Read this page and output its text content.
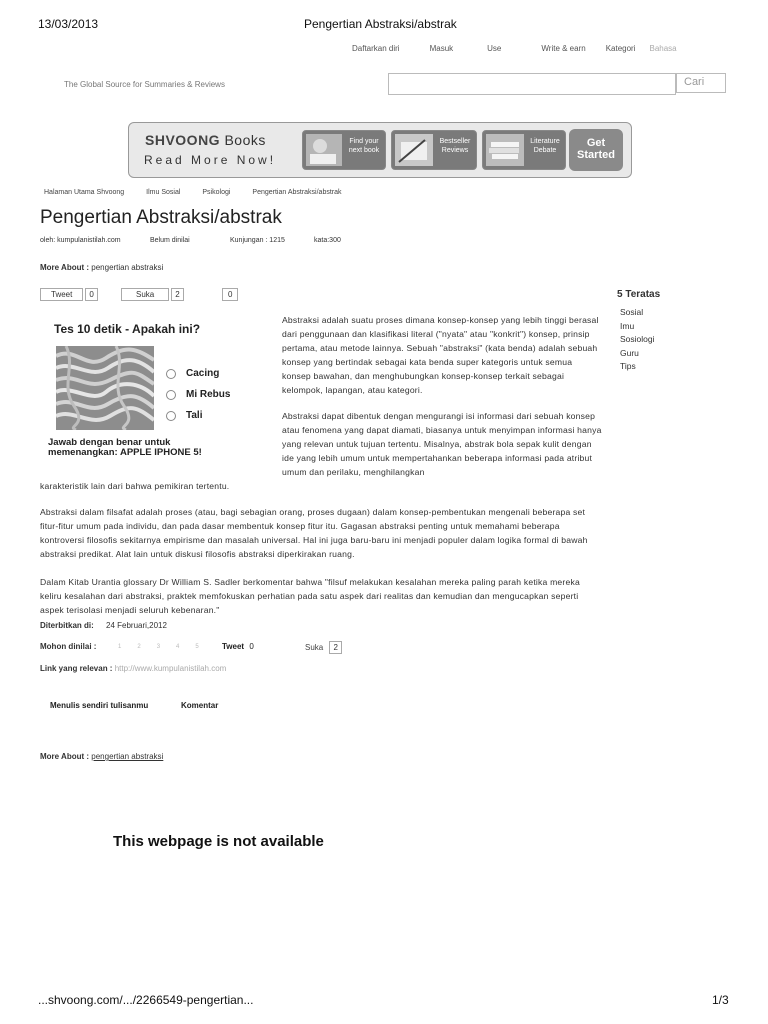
13/03/2013	Pengertian Abstraksi/abstrak
Daftarkan diri	Masuk	Use	Write & earn	Kategori Bahasa
The Global Source for Summaries & Reviews	Cari
SHVOONG Books
Read More Now!
Find your next book
Bestseller Reviews
Literature Debate
Get Started
Halaman Utama Shvoong	Ilmu Sosial	Psikologi	Pengertian Abstraksi/abstrak
Pengertian Abstraksi/abstrak
oleh: kumpulanistilah.com	Belum dinilai	Kunjungan : 1215	kata:300
More About : pengertian abstraksi
Tweet 0	Suka	2	0
Tes 10 detik - Apakah ini?
Cacing
Mi Rebus
Tali
Jawab dengan benar untuk
memenangkan: APPLE IPHONE 5!
Abstraksi adalah suatu proses dimana konsep-konsep yang lebih tinggi berasal dari penggunaan dan klasifikasi literal ("nyata" atau "konkrit") konsep, prinsip pertama, atau metode lainnya. Sebuah "abstraksi" (kata benda) adalah sebuah konsep yang bertindak sebagai kata benda super kategoris untuk semua konsep bawahan, dan menghubungkan konsep-konsep terkait sebagai kelompok, lapangan, atau kategori.
Abstraksi dapat dibentuk dengan mengurangi isi informasi dari sebuah konsep atau fenomena yang dapat diamati, biasanya untuk menyimpan informasi hanya yang relevan untuk tujuan tertentu. Misalnya, abstrak bola sepak kulit dengan ide yang lebih umum untuk mempertahankan beberapa informasi pada atribut umum dan perilaku, menghilangkan
karakteristik lain dari bahwa pemikiran tertentu.
Abstraksi dalam filsafat adalah proses (atau, bagi sebagian orang, proses dugaan) dalam konsep-pembentukan mengenali beberapa set fitur-fitur umum pada individu, dan pada dasar membentuk konsep fitur itu. Gagasan abstraksi penting untuk memahami beberapa kontroversi filosofis sekitarnya empirisme dan masalah universal. Hal ini juga baru-baru ini menjadi populer dalam logika formal di bawah abstraksi predikat. Alat lain untuk diskusi filosofis abstraksi diperkirakan ruang.
Dalam Kitab Urantia glossary Dr William S. Sadler berkomentar bahwa "filsuf melakukan kesalahan mereka paling parah ketika mereka keliru kesalahan dari abstraksi, praktek memfokuskan perhatian pada satu aspek dari realitas dan kemudian dan mengucapkan seperti aspek terisolasi menjadi seluruh kebenaran."
5 Teratas
Sosial
Imu
Sosiologi
Guru
Tips
Diterbitkan di:	24 Februari,2012
Mohon dinilai :	1	2	3	4	5	Tweet 0	Suka 2
Link yang relevan : http://www.kumpulanistilah.com
Menulis sendiri tulisanmu	Komentar
More About : pengertian abstraksi
This webpage is not available
...shvoong.com/.../2266549-pengertian...	1/3
